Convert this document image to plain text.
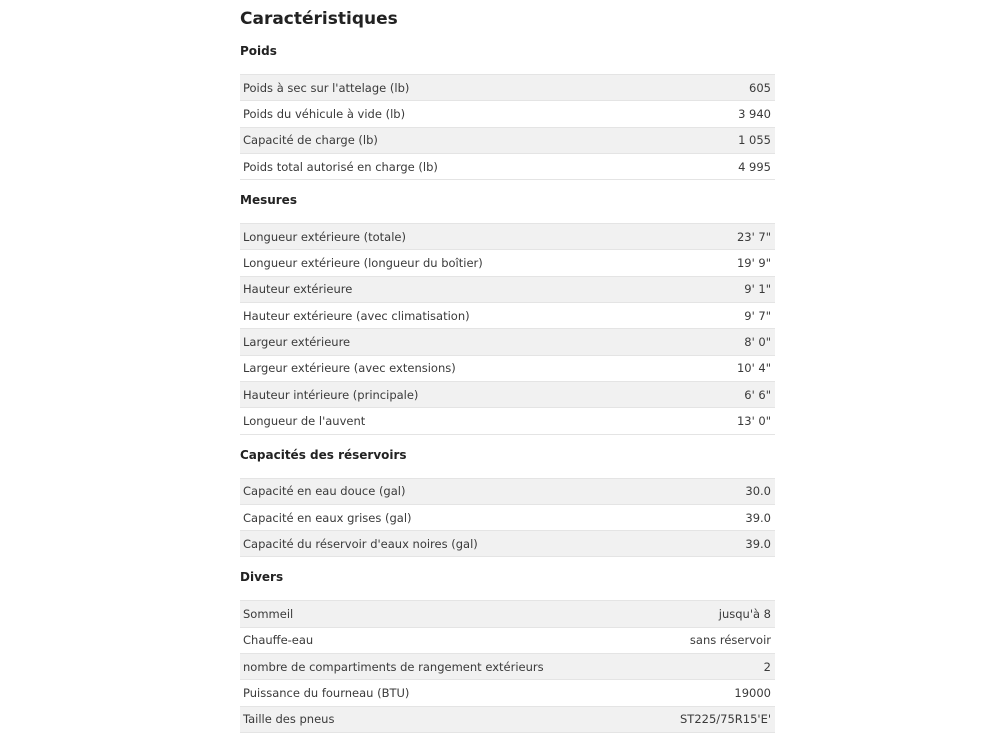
Caractéristiques
Poids
Poids à sec sur l'attelage (lb)	605
Poids du véhicule à vide (lb)	3 940
Capacité de charge (lb)	1 055
Poids total autorisé en charge (lb)	4 995
Mesures
Longueur extérieure (totale)	23' 7"
Longueur extérieure (longueur du boîtier)	19' 9"
Hauteur extérieure	9' 1"
Hauteur extérieure (avec climatisation)	9' 7"
Largeur extérieure	8' 0"
Largeur extérieure (avec extensions)	10' 4"
Hauteur intérieure (principale)	6' 6"
Longueur de l'auvent	13' 0"
Capacités des réservoirs
Capacité en eau douce (gal)	30.0
Capacité en eaux grises (gal)	39.0
Capacité du réservoir d'eaux noires (gal)	39.0
Divers
Sommeil	jusqu'à 8
Chauffe-eau	sans réservoir
nombre de compartiments de rangement extérieurs	2
Puissance du fourneau (BTU)	19000
Taille des pneus	ST225/75R15'E'
